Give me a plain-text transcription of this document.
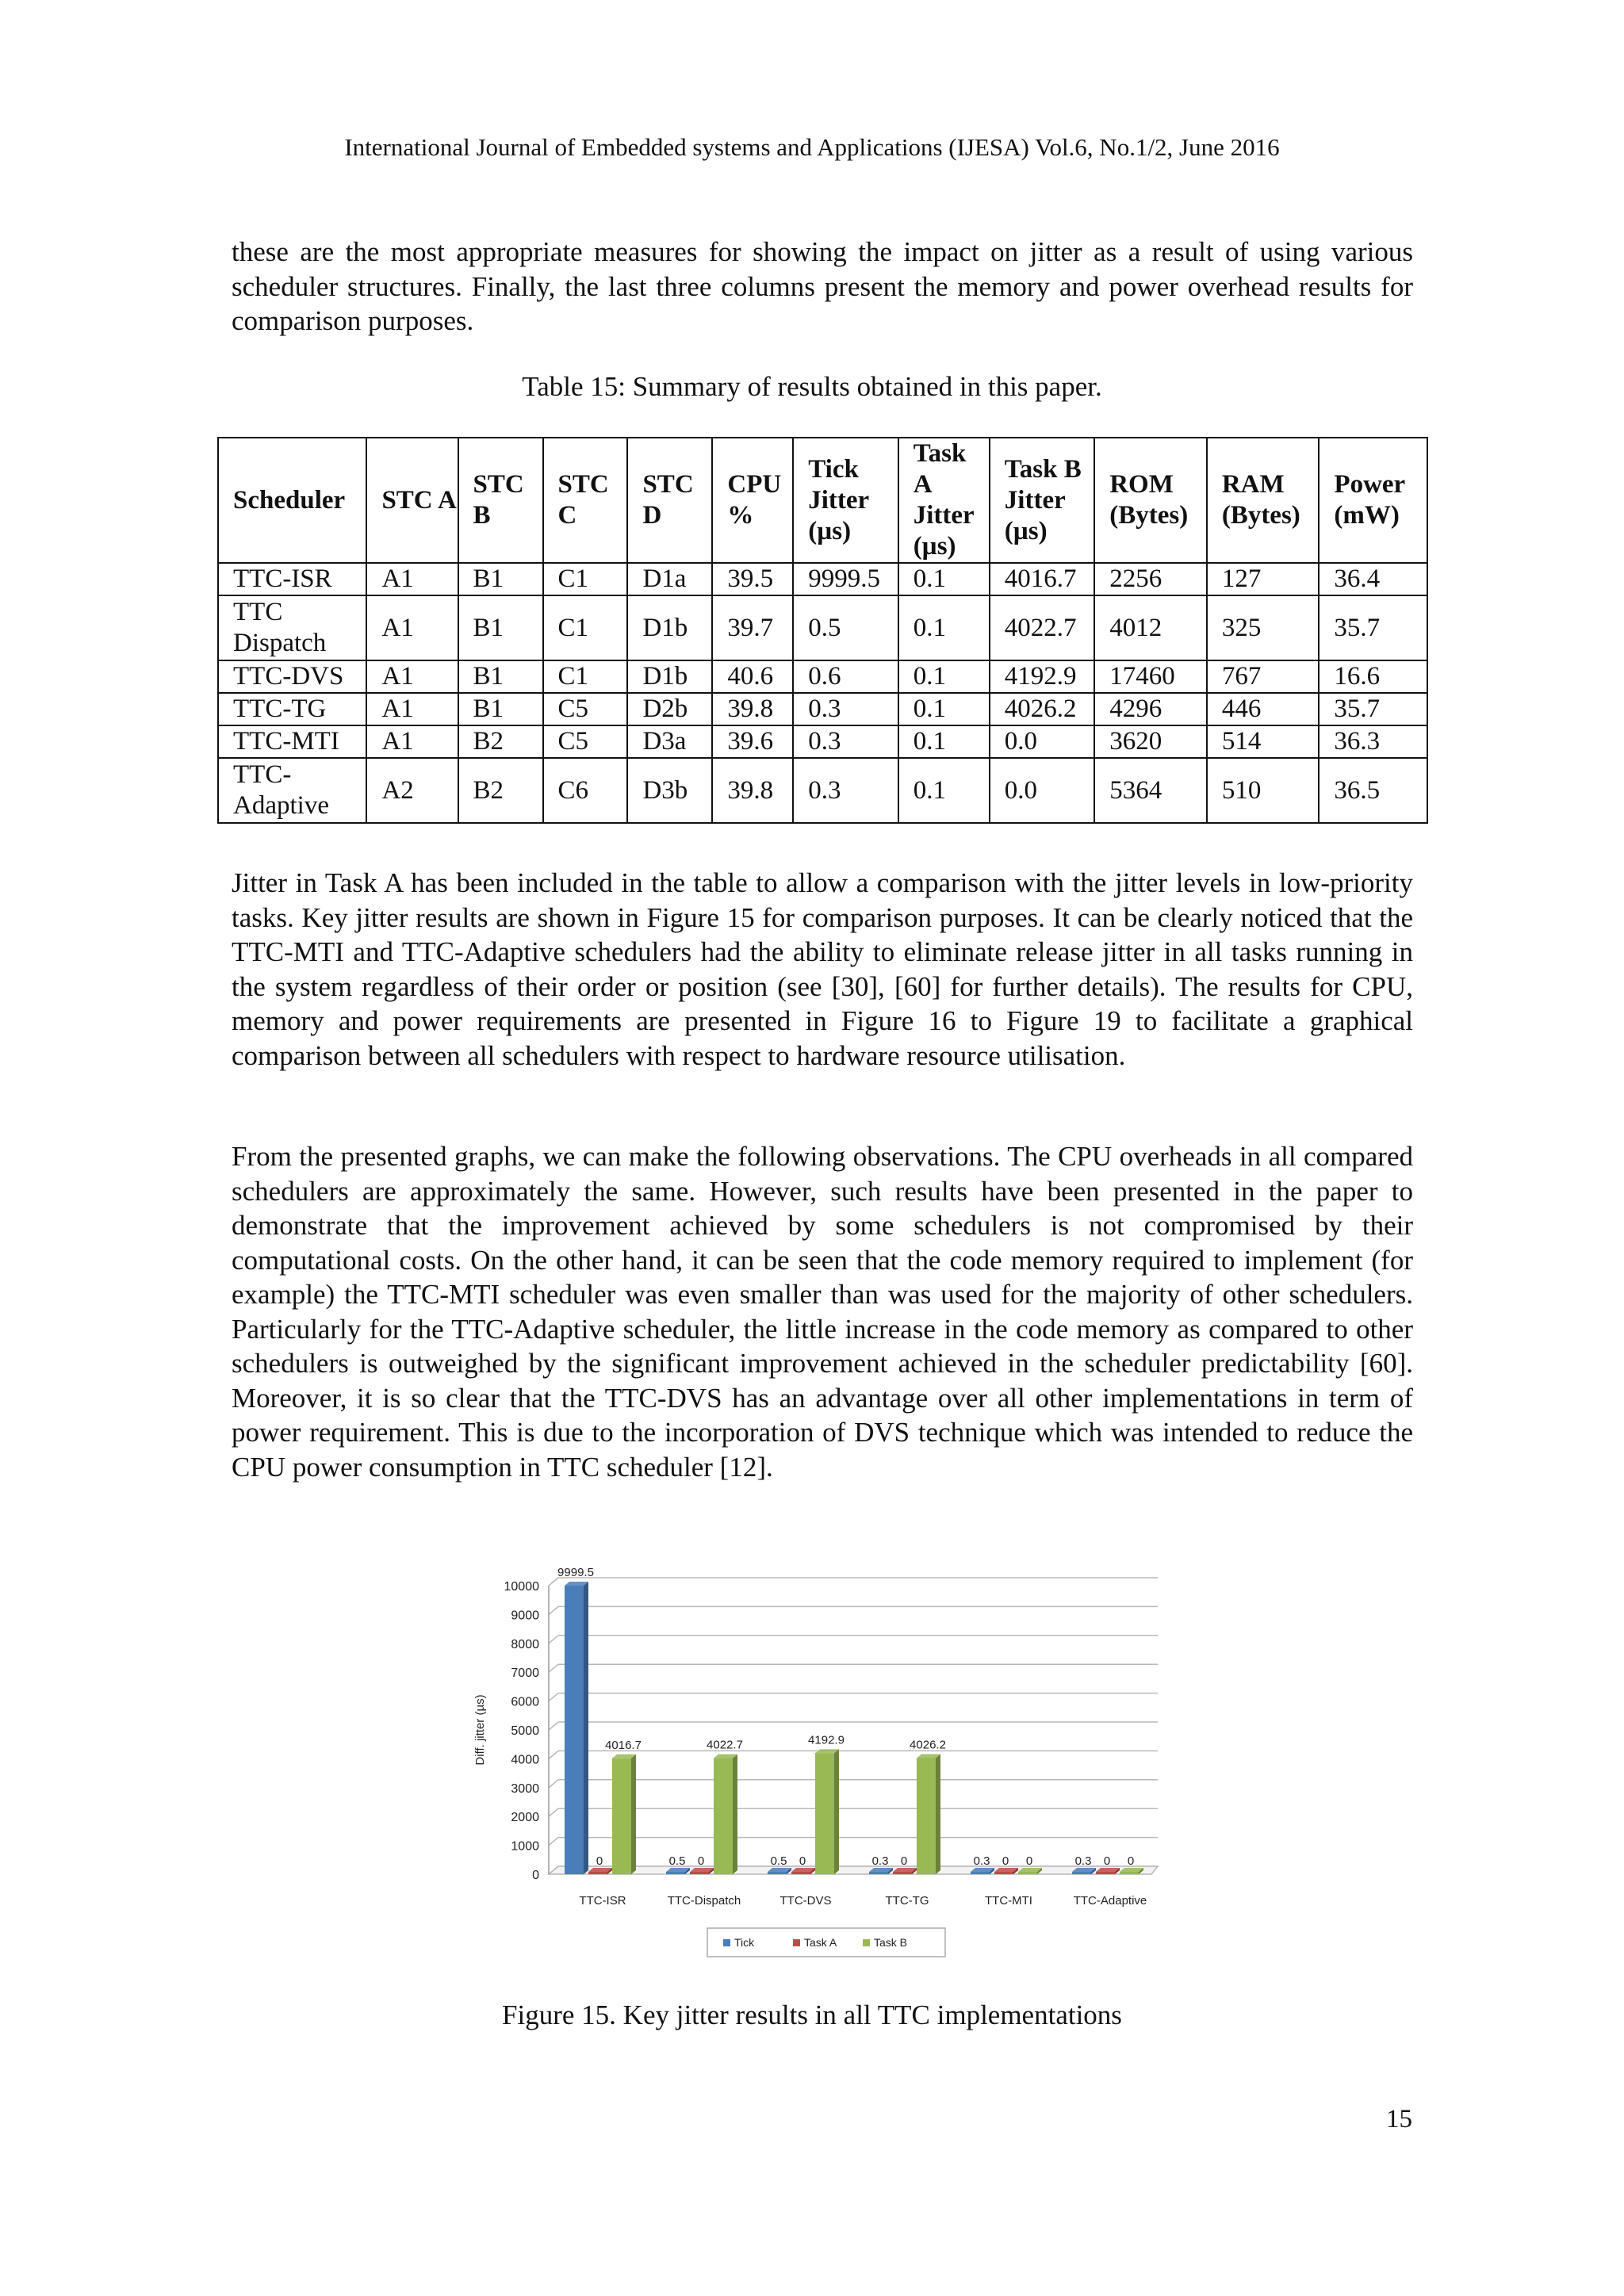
International Journal of Embedded systems and Applications (IJESA) Vol.6, No.1/2, June 2016

these are the most appropriate measures for showing the impact on jitter as a result of using various scheduler structures. Finally, the last three columns present the memory and power overhead results for comparison purposes.

Table 15: Summary of results obtained in this paper.
Scheduler	STC A	STC B	STC C	STC D	CPU %	Tick Jitter (µs)	Task A Jitter (µs)	Task B Jitter (µs)	ROM (Bytes)	RAM (Bytes)	Power (mW)
TTC-ISR	A1	B1	C1	D1a	39.5	9999.5	0.1	4016.7	2256	127	36.4
TTC Dispatch	A1	B1	C1	D1b	39.7	0.5	0.1	4022.7	4012	325	35.7
TTC-DVS	A1	B1	C1	D1b	40.6	0.6	0.1	4192.9	17460	767	16.6
TTC-TG	A1	B1	C5	D2b	39.8	0.3	0.1	4026.2	4296	446	35.7
TTC-MTI	A1	B2	C5	D3a	39.6	0.3	0.1	0.0	3620	514	36.3
TTC-Adaptive	A2	B2	C6	D3b	39.8	0.3	0.1	0.0	5364	510	36.5

Jitter in Task A has been included in the table to allow a comparison with the jitter levels in low-priority tasks. Key jitter results are shown in Figure 15 for comparison purposes. It can be clearly noticed that the TTC-MTI and TTC-Adaptive schedulers had the ability to eliminate release jitter in all tasks running in the system regardless of their order or position (see [30], [60] for further details). The results for CPU, memory and power requirements are presented in Figure 16 to Figure 19 to facilitate a graphical comparison between all schedulers with respect to hardware resource utilisation.

From the presented graphs, we can make the following observations. The CPU overheads in all compared schedulers are approximately the same. However, such results have been presented in the paper to demonstrate that the improvement achieved by some schedulers is not compromised by their computational costs. On the other hand, it can be seen that the code memory required to implement (for example) the TTC-MTI scheduler was even smaller than was used for the majority of other schedulers. Particularly for the TTC-Adaptive scheduler, the little increase in the code memory as compared to other schedulers is outweighed by the significant improvement achieved in the scheduler predictability [60]. Moreover, it is so clear that the TTC-DVS has an advantage over all other implementations in term of power requirement. This is due to the incorporation of DVS technique which was intended to reduce the CPU power consumption in TTC scheduler [12].

0
1000
2000
3000
4000
5000
6000
7000
8000
9000
10000
Diff. jitter (µs)
9999.5
0
4016.7
TTC-ISR
0.5 0
4022.7
TTC-Dispatch
0.5 0
4192.9
TTC-DVS
0.3 0
4026.2
TTC-TG
0.3 0 0
TTC-MTI
0.3 0 0
TTC-Adaptive
Tick	Task A	Task B
Figure 15. Key jitter results in all TTC implementations
15
